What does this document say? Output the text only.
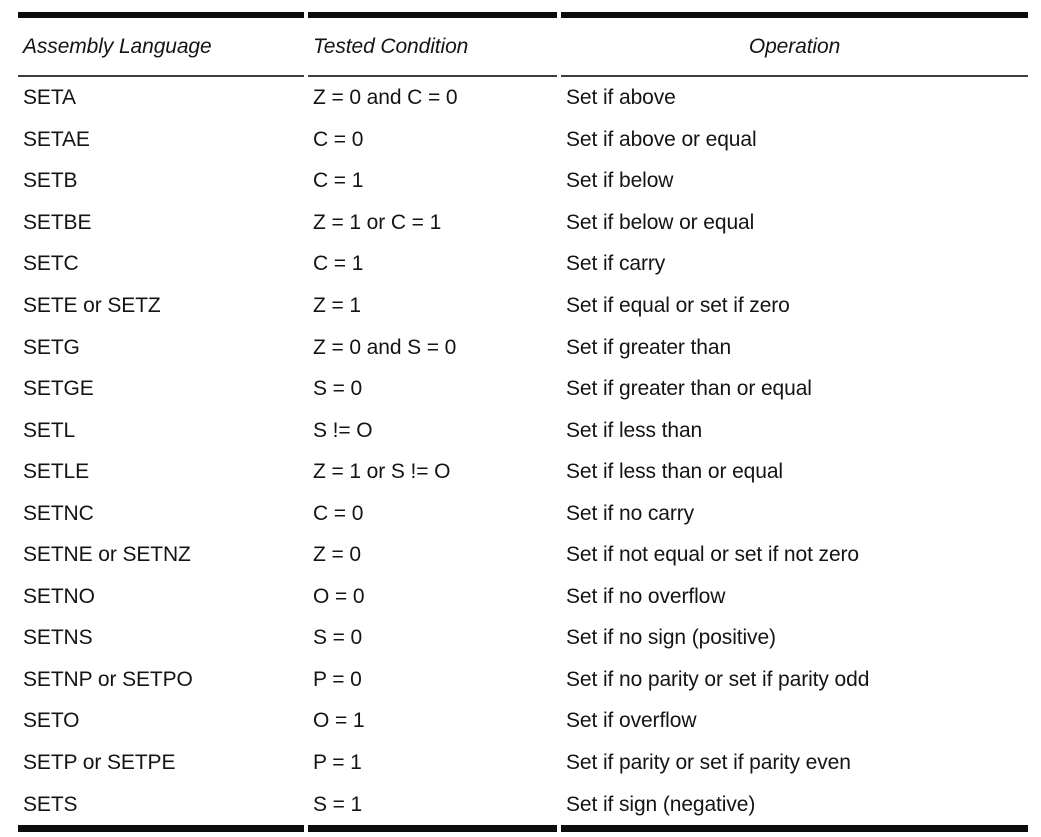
Assembly Language	Tested Condition	Operation
SETA	Z = 0 and C = 0	Set if above
SETAE	C = 0	Set if above or equal
SETB	C = 1	Set if below
SETBE	Z = 1 or C = 1	Set if below or equal
SETC	C = 1	Set if carry
SETE or SETZ	Z = 1	Set if equal or set if zero
SETG	Z = 0 and S = 0	Set if greater than
SETGE	S = 0	Set if greater than or equal
SETL	S != O	Set if less than
SETLE	Z = 1 or S != O	Set if less than or equal
SETNC	C = 0	Set if no carry
SETNE or SETNZ	Z = 0	Set if not equal or set if not zero
SETNO	O = 0	Set if no overflow
SETNS	S = 0	Set if no sign (positive)
SETNP or SETPO	P = 0	Set if no parity or set if parity odd
SETO	O = 1	Set if overflow
SETP or SETPE	P = 1	Set if parity or set if parity even
SETS	S = 1	Set if sign (negative)
